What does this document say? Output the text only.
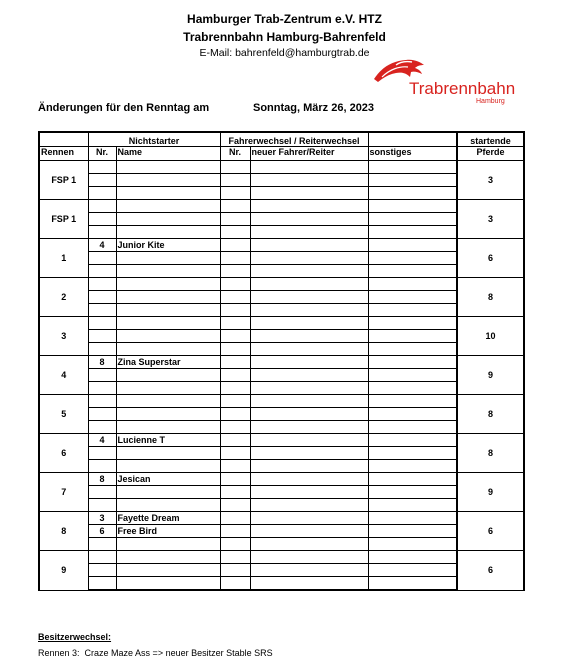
Hamburger Trab-Zentrum e.V. HTZ
Trabrennbahn Hamburg-Bahrenfeld
E-Mail: bahrenfeld@hamburgtrab.de
Trabrennbahn
Hamburg
Änderungen für den Renntag am	Sonntag, März 26, 2023
	Nichtstarter		Fahrerwechsel / Reiterwechsel			startende
Rennen	Nr.	Name	Nr.	neuer Fahrer/Reiter	sonstiges	Pferde
FSP 1						3

FSP 1						3

1	4	Junior Kite				6

2						8

3						10

4	8	Zina Superstar				9

5						8

6	4	Lucienne T				8

7	8	Jesican				9

8	3	Fayette Dream				6
	6	Free Bird				

9						6

Besitzerwechsel:
Rennen 3:  Craze Maze Ass => neuer Besitzer Stable SRS
